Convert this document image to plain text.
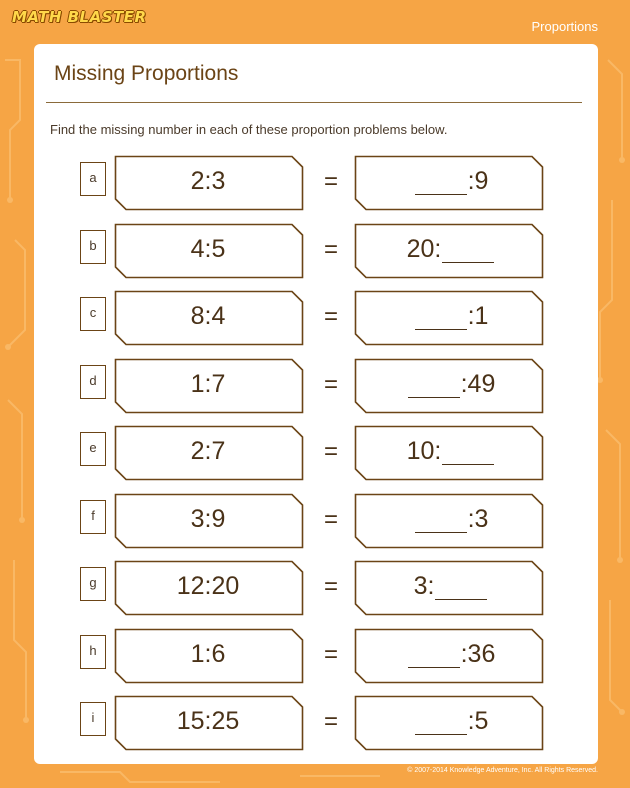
MATH BLASTER
Proportions
Missing Proportions
Find the missing number in each of these proportion problems below.
a	2:3	=	:9
b	4:5	=	20:
c	8:4	=	:1
d	1:7	=	:49
e	2:7	=	10:
f	3:9	=	:3
g	12:20	=	3:
h	1:6	=	:36
i	15:25	=	:5
© 2007-2014 Knowledge Adventure, Inc. All Rights Reserved.
